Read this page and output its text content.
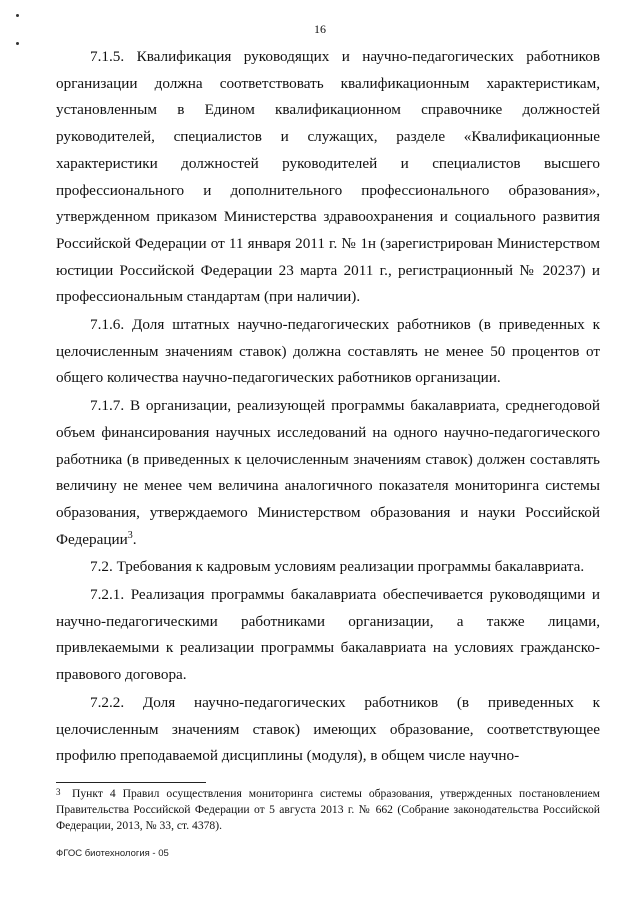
16

7.1.5. Квалификация руководящих и научно-педагогических работников организации должна соответствовать квалификационным характеристикам, установленным в Едином квалификационном справочнике должностей руководителей, специалистов и служащих, разделе «Квалификационные характеристики должностей руководителей и специалистов высшего профессионального и дополнительного профессионального образования», утвержденном приказом Министерства здравоохранения и социального развития Российской Федерации от 11 января 2011 г. № 1н (зарегистрирован Министерством юстиции Российской Федерации 23 марта 2011 г., регистрационный № 20237) и профессиональным стандартам (при наличии).

7.1.6. Доля штатных научно-педагогических работников (в приведенных к целочисленным значениям ставок) должна составлять не менее 50 процентов от общего количества научно-педагогических работников организации.

7.1.7. В организации, реализующей программы бакалавриата, среднегодовой объем финансирования научных исследований на одного научно-педагогического работника (в приведенных к целочисленным значениям ставок) должен составлять величину не менее чем величина аналогичного показателя мониторинга системы образования, утверждаемого Министерством образования и науки Российской Федерации$^3$.

7.2. Требования к кадровым условиям реализации программы бакалавриата.

7.2.1. Реализация программы бакалавриата обеспечивается руководящими и научно-педагогическими работниками организации, а также лицами, привлекаемыми к реализации программы бакалавриата на условиях гражданско-правового договора.

7.2.2. Доля научно-педагогических работников (в приведенных к целочисленным значениям ставок) имеющих образование, соответствующее профилю преподаваемой дисциплины (модуля), в общем числе научно-

3 Пункт 4 Правил осуществления мониторинга системы образования, утвержденных постановлением Правительства Российской Федерации от 5 августа 2013 г. № 662 (Собрание законодательства Российской Федерации, 2013, № 33, ст. 4378).
ФГОС биотехнология - 05
